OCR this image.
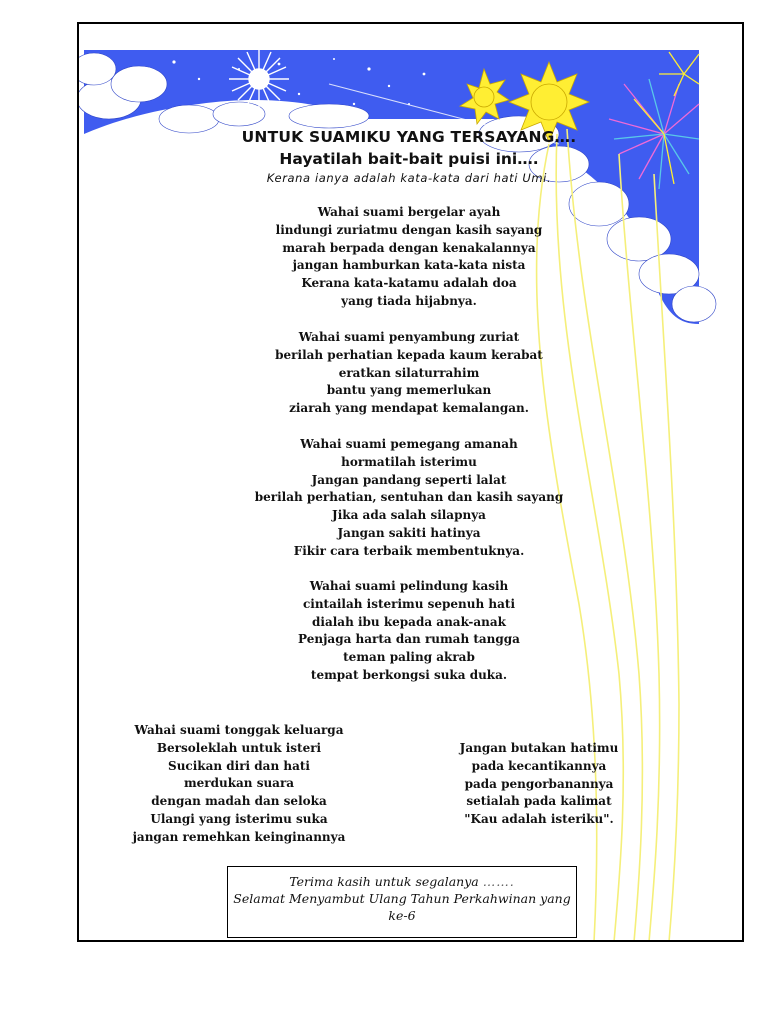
UNTUK SUAMIKU YANG TERSAYANG….
Hayatilah bait-bait puisi ini….
Kerana ianya adalah kata-kata dari hati Umi.
Wahai suami bergelar ayah
lindungi zuriatmu dengan kasih sayang
marah berpada dengan kenakalannya
jangan hamburkan kata-kata nista
Kerana kata-katamu adalah doa
yang tiada hijabnya.
Wahai suami penyambung zuriat
berilah perhatian kepada kaum kerabat
eratkan silaturrahim
bantu yang memerlukan
ziarah yang mendapat kemalangan.
Wahai suami pemegang amanah
hormatilah isterimu
Jangan pandang seperti lalat
berilah perhatian, sentuhan dan kasih sayang
Jika ada salah silapnya
Jangan sakiti hatinya
Fikir cara terbaik membentuknya.
Wahai suami pelindung kasih
cintailah isterimu sepenuh hati
dialah ibu kepada anak-anak
Penjaga harta dan rumah tangga
teman paling akrab
tempat berkongsi suka duka.
Wahai suami tonggak keluarga
Bersoleklah untuk isteri
Sucikan diri dan hati
merdukan suara
dengan madah dan seloka
Ulangi yang isterimu suka
jangan remehkan keinginannya
Jangan butakan hatimu
pada kecantikannya
pada pengorbanannya
setialah pada kalimat
"Kau adalah isteriku".
Terima kasih untuk segalanya …….
Selamat Menyambut Ulang Tahun Perkahwinan yang
ke-6
